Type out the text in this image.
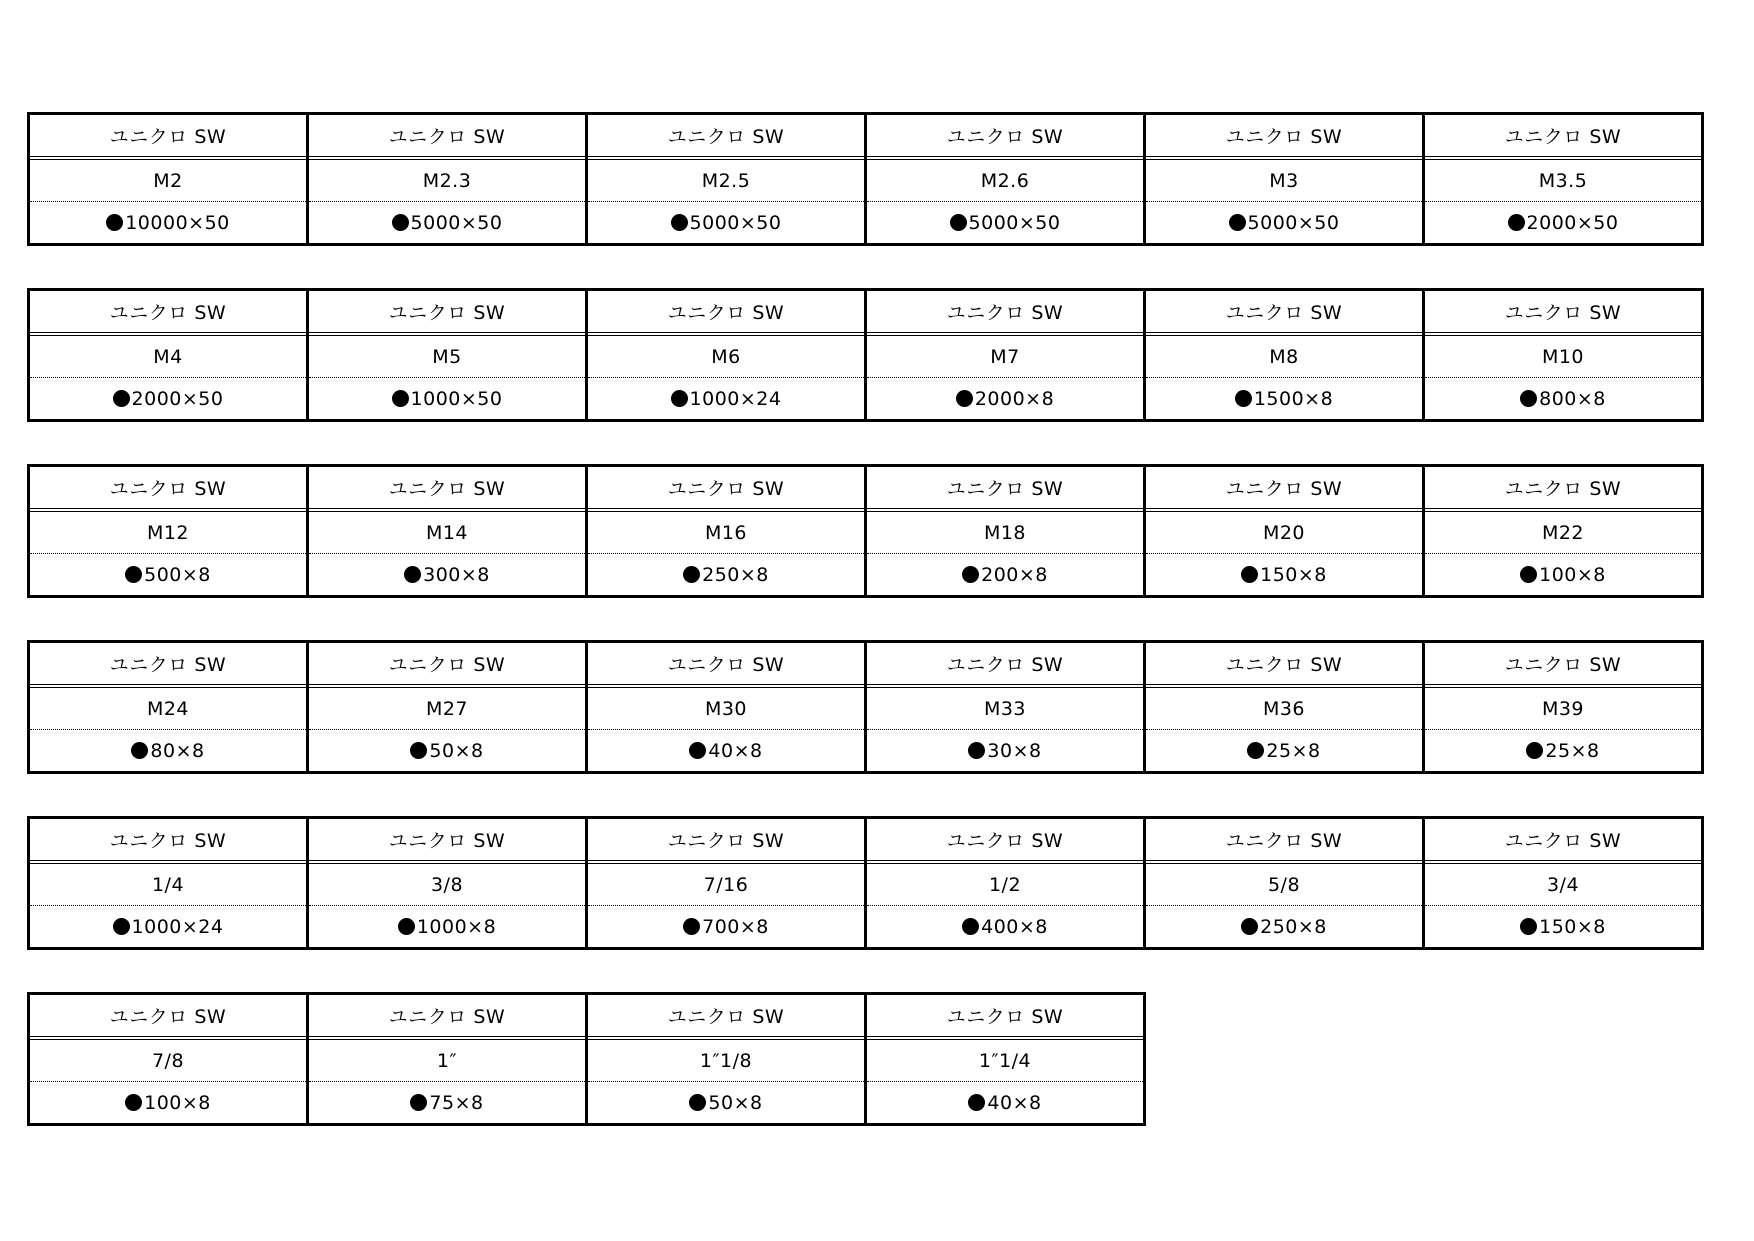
ユニクロ SW
M2
10000×50
ユニクロ SW
M2.3
5000×50
ユニクロ SW
M2.5
5000×50
ユニクロ SW
M2.6
5000×50
ユニクロ SW
M3
5000×50
ユニクロ SW
M3.5
2000×50
ユニクロ SW
M4
2000×50
ユニクロ SW
M5
1000×50
ユニクロ SW
M6
1000×24
ユニクロ SW
M7
2000×8
ユニクロ SW
M8
1500×8
ユニクロ SW
M10
800×8
ユニクロ SW
M12
500×8
ユニクロ SW
M14
300×8
ユニクロ SW
M16
250×8
ユニクロ SW
M18
200×8
ユニクロ SW
M20
150×8
ユニクロ SW
M22
100×8
ユニクロ SW
M24
80×8
ユニクロ SW
M27
50×8
ユニクロ SW
M30
40×8
ユニクロ SW
M33
30×8
ユニクロ SW
M36
25×8
ユニクロ SW
M39
25×8
ユニクロ SW
1/4
1000×24
ユニクロ SW
3/8
1000×8
ユニクロ SW
7/16
700×8
ユニクロ SW
1/2
400×8
ユニクロ SW
5/8
250×8
ユニクロ SW
3/4
150×8
ユニクロ SW
7/8
100×8
ユニクロ SW
1″
75×8
ユニクロ SW
1″1/8
50×8
ユニクロ SW
1″1/4
40×8
